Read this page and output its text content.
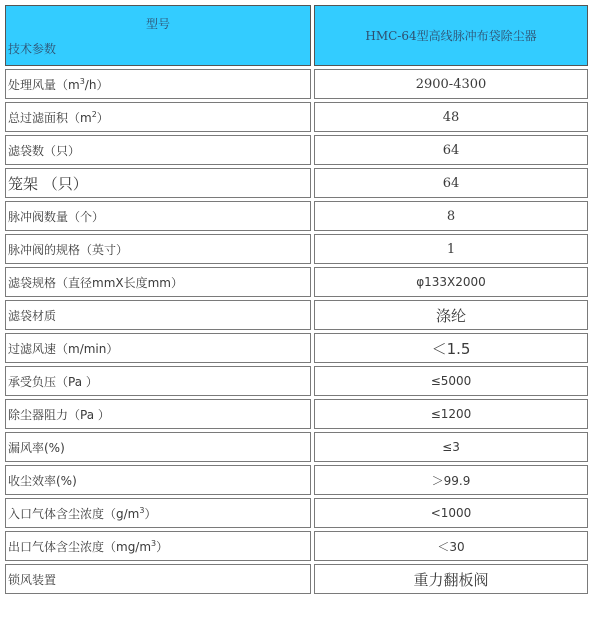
型号
技术参数	HMC-64型高线脉冲布袋除尘器
处理风量$(m^3/h)$	2900-4300
总过滤面积$(m^2)$	48
滤袋数（只）	64
笼架 （只）	64
脉冲阀数量（个）	8
脉冲阀的规格（英寸）	1
滤袋规格（直径mmX长度mm）	φ133X2000
滤袋材质	涤纶
过滤风速（m/min）	＜1.5
承受负压（Pa ）	≤5000
除尘器阻力（Pa ）	≤1200
漏风率(%)	≤3
收尘效率(%)	＞99.9
入口气体含尘浓度$(g/m^3)$	<1000
出口气体含尘浓度$(mg/m^3)$	＜30
锁风装置	重力翻板阀
